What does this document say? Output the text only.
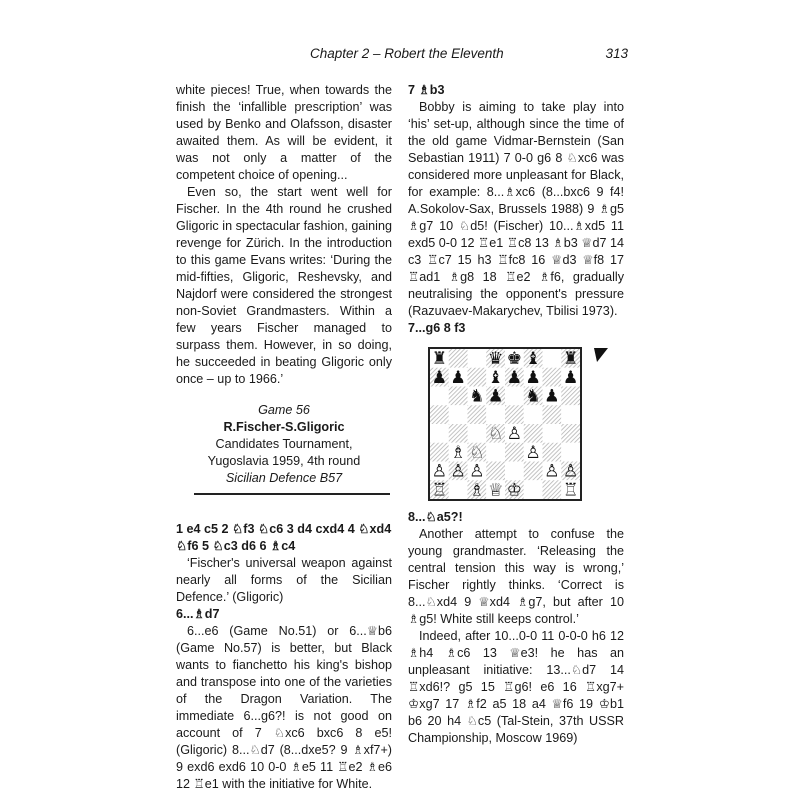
Chapter 2 – Robert the Eleventh	313

white pieces! True, when towards the finish the ‘infallible prescription’ was used by Benko and Olafsson, disaster awaited them. As will be evident, it was not only a matter of the competent choice of opening...

Even so, the start went well for Fischer. In the 4th round he crushed Gligoric in spectacular fashion, gaining revenge for Zürich. In the introduction to this game Evans writes: ‘During the mid-fifties, Gligoric, Reshevsky, and Najdorf were considered the strongest non-Soviet Grandmasters. Within a few years Fischer managed to surpass them. However, in so doing, he succeeded in beating Gligoric only once – up to 1966.’

Game 56

R.Fischer-S.Gligoric

Candidates Tournament,

Yugoslavia 1959, 4th round

Sicilian Defence B57

1 e4 c5 2 ♘f3 ♘c6 3 d4 cxd4 4 ♘xd4 ♘f6 5 ♘c3 d6 6 ♗c4

‘Fischer's universal weapon against nearly all forms of the Sicilian Defence.’ (Gligoric)

6...♗d7

6...e6 (Game No.51) or 6...♕b6 (Game No.57) is better, but Black wants to fianchetto his king's bishop and transpose into one of the varieties of the Dragon Variation. The immediate 6...g6?! is not good on account of 7 ♘xc6 bxc6 8 e5! (Gligoric) 8...♘d7 (8...dxe5? 9 ♗xf7+) 9 exd6 exd6 10 0-0 ♗e5 11 ♖e2 ♗e6 12 ♖e1 with the initiative for White.

7 ♗b3

Bobby is aiming to take play into ‘his’ set-up, although since the time of the old game Vidmar-Bernstein (San Sebastian 1911) 7 0-0 g6 8 ♘xc6 was considered more unpleasant for Black, for example: 8...♗xc6 (8...bxc6 9 f4! A.Sokolov-Sax, Brussels 1988) 9 ♗g5 ♗g7 10 ♘d5! (Fischer) 10...♗xd5 11 exd5 0-0 12 ♖e1 ♖c8 13 ♗b3 ♕d7 14 c3 ♖c7 15 h3 ♖fc8 16 ♕d3 ♕f8 17 ♖ad1 ♗g8 18 ♖e2 ♗f6, gradually neutralising the opponent's pressure (Razuvaev-Makarychev, Tbilisi 1973).

7...g6 8 f3

♜ ♛ ♚ ♝ ♜
♟ ♟ ♝ ♟ ♟ ♟
♞ ♟ ♞ ♟
♘ ♙
♗ ♘ ♙
♙ ♙ ♙	♙ ♙
♖ ♗ ♕ ♔ ♖

8...♘a5?!

Another attempt to confuse the young grandmaster. ‘Releasing the central tension this way is wrong,’ Fischer rightly thinks. ‘Correct is 8...♘xd4 9 ♕xd4 ♗g7, but after 10 ♗g5! White still keeps control.’

Indeed, after 10...0-0 11 0-0-0 h6 12 ♗h4 ♗c6 13 ♕e3! he has an unpleasant initiative: 13...♘d7 14 ♖xd6!? g5 15 ♖g6! e6 16 ♖xg7+ ♔xg7 17 ♗f2 a5 18 a4 ♕f6 19 ♔b1 b6 20 h4 ♘c5 (Tal-Stein, 37th USSR Championship, Moscow 1969)
